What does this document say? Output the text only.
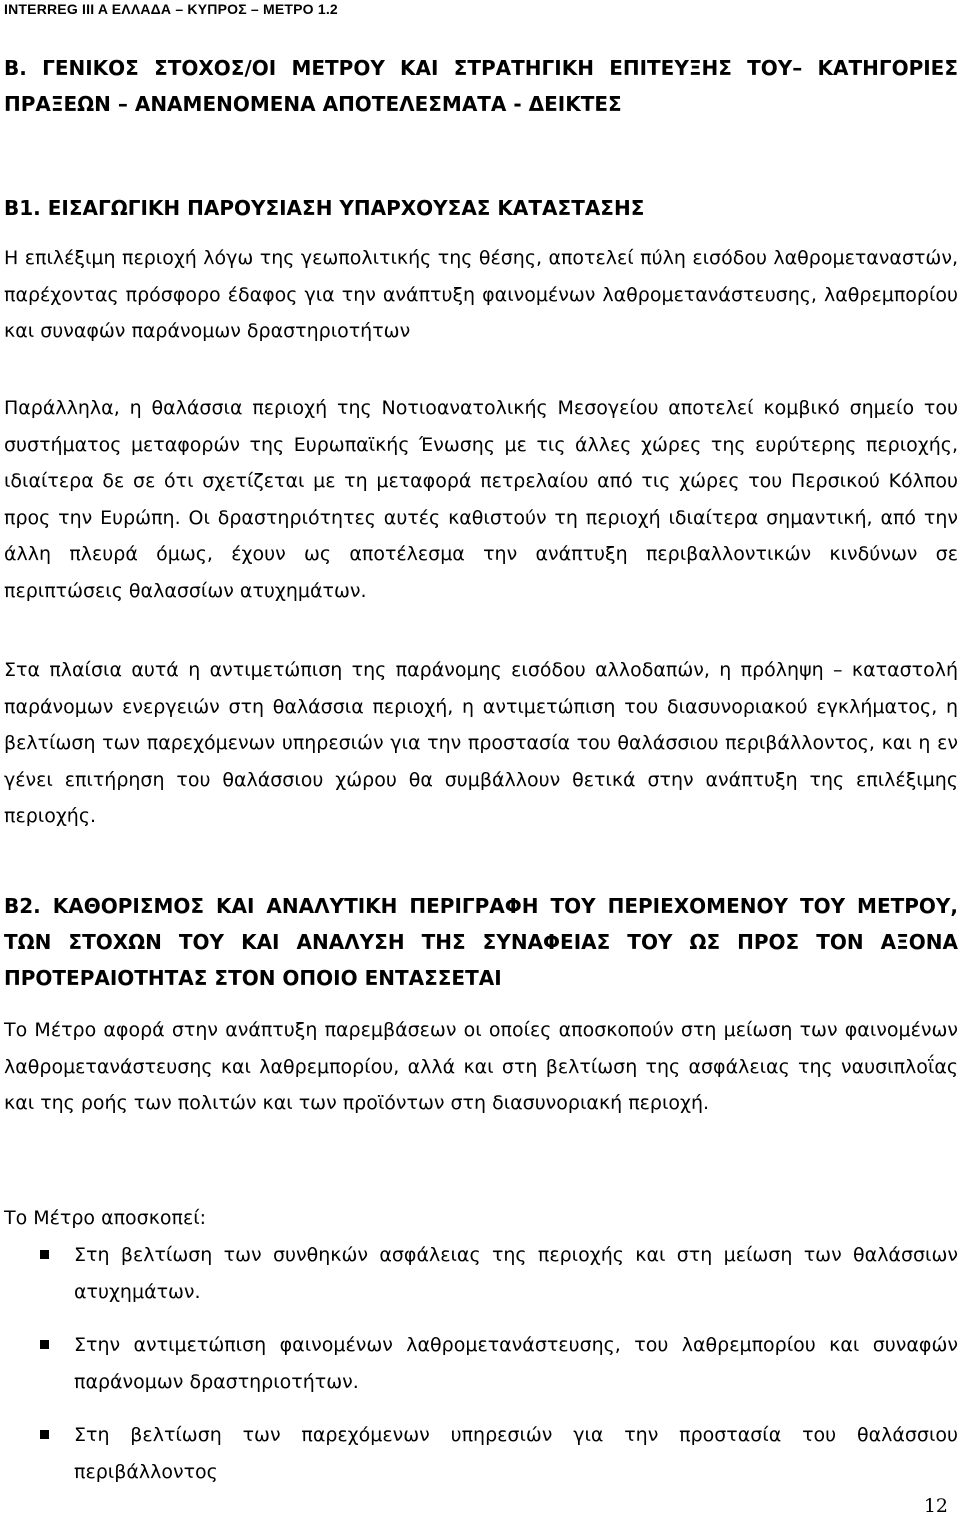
INTERREG III A ΕΛΛΑΔΑ – ΚΥΠΡΟΣ – ΜΕΤΡΟ 1.2
Β. ΓΕΝΙΚΟΣ ΣΤΟΧΟΣ/ΟΙ ΜΕΤΡΟΥ ΚΑΙ ΣΤΡΑΤΗΓΙΚΗ ΕΠΙΤΕΥΞΗΣ ΤΟΥ– ΚΑΤΗΓΟΡΙΕΣ ΠΡΑΞΕΩΝ – ΑΝΑΜΕΝΟΜΕΝΑ ΑΠΟΤΕΛΕΣΜΑΤΑ - ΔΕΙΚΤΕΣ
Β1. ΕΙΣΑΓΩΓΙΚΗ ΠΑΡΟΥΣΙΑΣΗ ΥΠΑΡΧΟΥΣΑΣ ΚΑΤΑΣΤΑΣΗΣ

Η επιλέξιμη περιοχή λόγω της γεωπολιτικής της θέσης, αποτελεί πύλη εισόδου λαθρομεταναστών, παρέχοντας πρόσφορο έδαφος για την ανάπτυξη φαινομένων λαθρομετανάστευσης, λαθρεμπορίου και συναφών παράνομων δραστηριοτήτων

Παράλληλα, η θαλάσσια περιοχή της Νοτιοανατολικής Μεσογείου αποτελεί κομβικό σημείο του συστήματος μεταφορών της Ευρωπαϊκής Ένωσης με τις άλλες χώρες της ευρύτερης περιοχής, ιδιαίτερα δε σε ότι σχετίζεται με τη μεταφορά πετρελαίου από τις χώρες του Περσικού Κόλπου προς την Ευρώπη. Οι δραστηριότητες αυτές καθιστούν τη περιοχή ιδιαίτερα σημαντική, από την άλλη πλευρά όμως, έχουν ως αποτέλεσμα την ανάπτυξη περιβαλλοντικών κινδύνων σε περιπτώσεις θαλασσίων ατυχημάτων.

Στα πλαίσια αυτά η αντιμετώπιση της παράνομης εισόδου αλλοδαπών, η πρόληψη – καταστολή παράνομων ενεργειών στη θαλάσσια περιοχή, η αντιμετώπιση του διασυνοριακού εγκλήματος, η βελτίωση των παρεχόμενων υπηρεσιών για την προστασία του θαλάσσιου περιβάλλοντος, και η εν γένει επιτήρηση του θαλάσσιου χώρου θα συμβάλλουν θετικά στην ανάπτυξη της επιλέξιμης περιοχής.

Β2. ΚΑΘΟΡΙΣΜΟΣ ΚΑΙ ΑΝΑΛΥΤΙΚΗ ΠΕΡΙΓΡΑΦΗ ΤΟΥ ΠΕΡΙΕΧΟΜΕΝΟΥ ΤΟΥ ΜΕΤΡΟΥ, ΤΩΝ ΣΤΟΧΩΝ ΤΟΥ ΚΑΙ ΑΝΑΛΥΣΗ ΤΗΣ ΣΥΝΑΦΕΙΑΣ ΤΟΥ ΩΣ ΠΡΟΣ ΤΟΝ ΑΞΟΝΑ ΠΡΟΤΕΡΑΙΟΤΗΤΑΣ ΣΤΟΝ ΟΠΟΙΟ ΕΝΤΑΣΣΕΤΑΙ

Το Μέτρο αφορά στην ανάπτυξη παρεμβάσεων οι οποίες αποσκοπούν στη μείωση των φαινομένων λαθρομετανάστευσης και λαθρεμπορίου, αλλά και στη βελτίωση της ασφάλειας της ναυσιπλοΐας και της ροής των πολιτών και των προϊόντων στη διασυνοριακή περιοχή.

Το Μέτρο αποσκοπεί:

Στη βελτίωση των συνθηκών ασφάλειας της περιοχής και στη μείωση των θαλάσσιων ατυχημάτων.
Στην αντιμετώπιση φαινομένων λαθρομετανάστευσης, του λαθρεμπορίου και συναφών παράνομων δραστηριοτήτων.
Στη βελτίωση των παρεχόμενων υπηρεσιών για την προστασία του θαλάσσιου περιβάλλοντος
12
